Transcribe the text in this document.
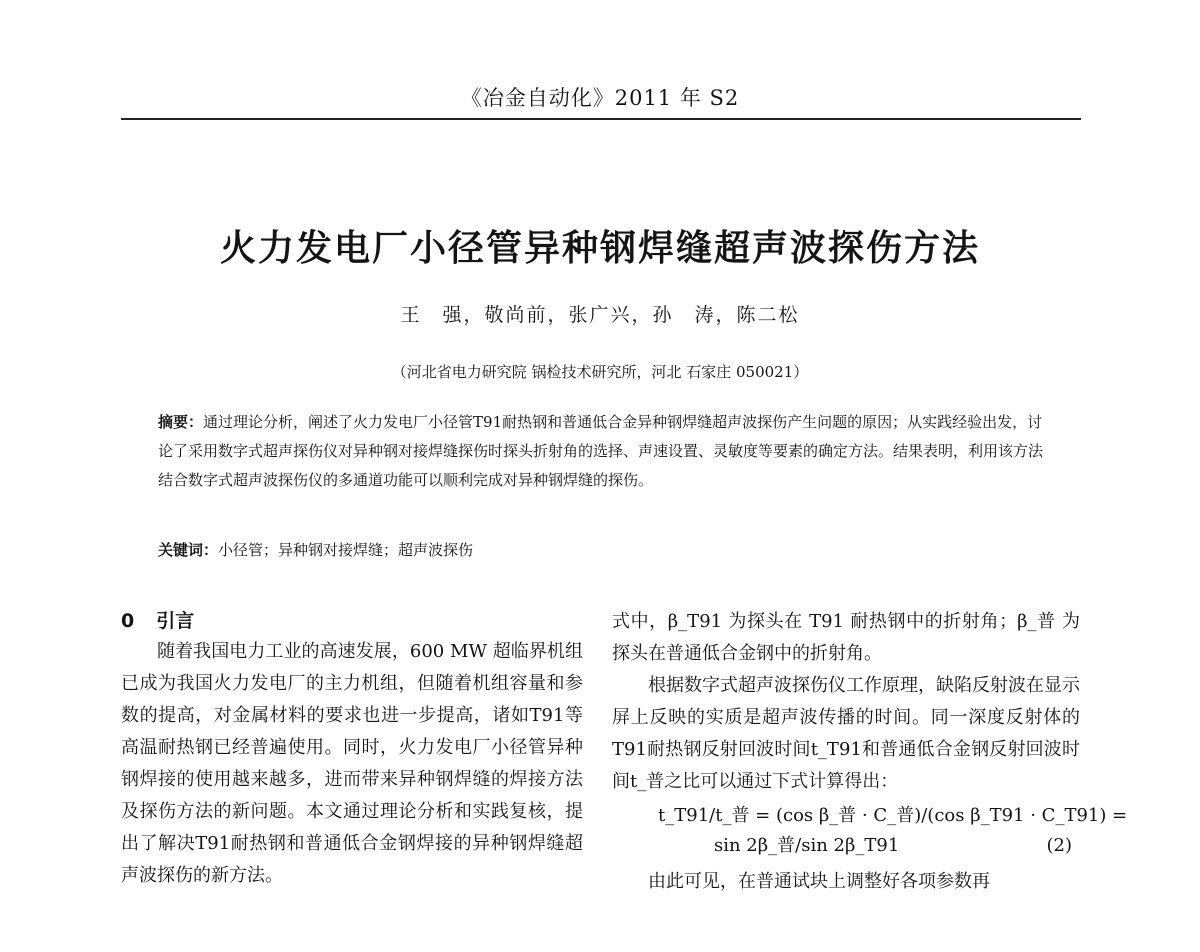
《冶金自动化》2011 年 S2
火力发电厂小径管异种钢焊缝超声波探伤方法
王　强，敬尚前，张广兴，孙　涛，陈二松
（河北省电力研究院 锅检技术研究所，河北 石家庄 050021）
摘要：通过理论分析，阐述了火力发电厂小径管T91耐热钢和普通低合金异种钢焊缝超声波探伤产生问题的原因；从实践经验出发，讨论了采用数字式超声探伤仪对异种钢对接焊缝探伤时探头折射角的选择、声速设置、灵敏度等要素的确定方法。结果表明，利用该方法结合数字式超声波探伤仪的多通道功能可以顺利完成对异种钢焊缝的探伤。
关键词：小径管；异种钢对接焊缝；超声波探伤
0 引言

随着我国电力工业的高速发展，600 MW 超临界机组已成为我国火力发电厂的主力机组，但随着机组容量和参数的提高，对金属材料的要求也进一步提高，诸如T91等高温耐热钢已经普遍使用。同时，火力发电厂小径管异种钢焊接的使用越来越多，进而带来异种钢焊缝的焊接方法及探伤方法的新问题。本文通过理论分析和实践复核，提出了解决T91耐热钢和普通低合金钢焊接的异种钢焊缝超声波探伤的新方法。

式中，β_T91 为探头在 T91 耐热钢中的折射角；β_普 为探头在普通低合金钢中的折射角。

根据数字式超声波探伤仪工作原理，缺陷反射波在显示屏上反映的实质是超声波传播的时间。同一深度反射体的T91耐热钢反射回波时间t_T91和普通低合金钢反射回波时间t_普之比可以通过下式计算得出：

t_T91/t_普 = (cos β_普 · C_普)/(cos β_T91 · C_T91) =
sin 2β_普/sin 2β_T91	(2)

由此可见，在普通试块上调整好各项参数再
